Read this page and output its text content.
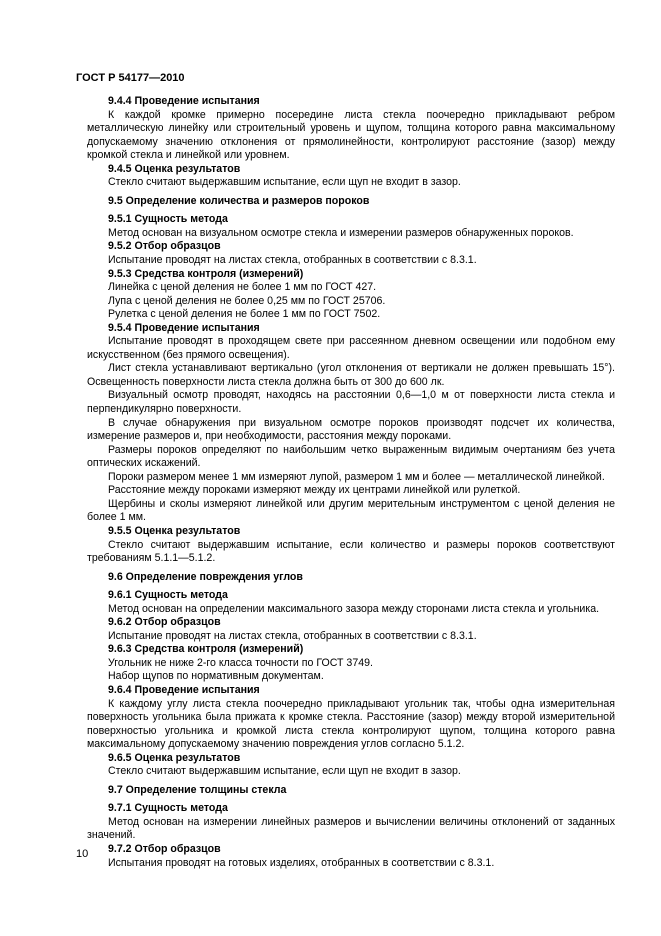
ГОСТ Р 54177—2010
9.4.4 Проведение испытания
К каждой кромке примерно посередине листа стекла поочередно прикладывают ребром металлическую линейку или строительный уровень и щупом, толщина которого равна максимальному допускаемому значению отклонения от прямолинейности, контролируют расстояние (зазор) между кромкой стекла и линейкой или уровнем.
9.4.5 Оценка результатов
Стекло считают выдержавшим испытание, если щуп не входит в зазор.
9.5 Определение количества и размеров пороков
9.5.1 Сущность метода
Метод основан на визуальном осмотре стекла и измерении размеров обнаруженных пороков.
9.5.2 Отбор образцов
Испытание проводят на листах стекла, отобранных в соответствии с 8.3.1.
9.5.3 Средства контроля (измерений)
Линейка с ценой деления не более 1 мм по ГОСТ 427.
Лупа с ценой деления не более 0,25 мм по ГОСТ 25706.
Рулетка с ценой деления не более 1 мм по ГОСТ 7502.
9.5.4 Проведение испытания
Испытание проводят в проходящем свете при рассеянном дневном освещении или подобном ему искусственном (без прямого освещения).
Лист стекла устанавливают вертикально (угол отклонения от вертикали не должен превышать 15°). Освещенность поверхности листа стекла должна быть от 300 до 600 лк.
Визуальный осмотр проводят, находясь на расстоянии 0,6—1,0 м от поверхности листа стекла и перпендикулярно поверхности.
В случае обнаружения при визуальном осмотре пороков производят подсчет их количества, измерение размеров и, при необходимости, расстояния между пороками.
Размеры пороков определяют по наибольшим четко выраженным видимым очертаниям без учета оптических искажений.
Пороки размером менее 1 мм измеряют лупой, размером 1 мм и более — металлической линейкой.
Расстояние между пороками измеряют между их центрами линейкой или рулеткой.
Щербины и сколы измеряют линейкой или другим мерительным инструментом с ценой деления не более 1 мм.
9.5.5 Оценка результатов
Стекло считают выдержавшим испытание, если количество и размеры пороков соответствуют требованиям 5.1.1—5.1.2.
9.6 Определение повреждения углов
9.6.1 Сущность метода
Метод основан на определении максимального зазора между сторонами листа стекла и угольника.
9.6.2 Отбор образцов
Испытание проводят на листах стекла, отобранных в соответствии с 8.3.1.
9.6.3 Средства контроля (измерений)
Угольник не ниже 2-го класса точности по ГОСТ 3749.
Набор щупов по нормативным документам.
9.6.4 Проведение испытания
К каждому углу листа стекла поочередно прикладывают угольник так, чтобы одна измерительная поверхность угольника была прижата к кромке стекла. Расстояние (зазор) между второй измерительной поверхностью угольника и кромкой листа стекла контролируют щупом, толщина которого равна максимальному допускаемому значению повреждения углов согласно 5.1.2.
9.6.5 Оценка результатов
Стекло считают выдержавшим испытание, если щуп не входит в зазор.
9.7 Определение толщины стекла
9.7.1 Сущность метода
Метод основан на измерении линейных размеров и вычислении величины отклонений от заданных значений.
9.7.2 Отбор образцов
Испытания проводят на готовых изделиях, отобранных в соответствии с 8.3.1.
10
